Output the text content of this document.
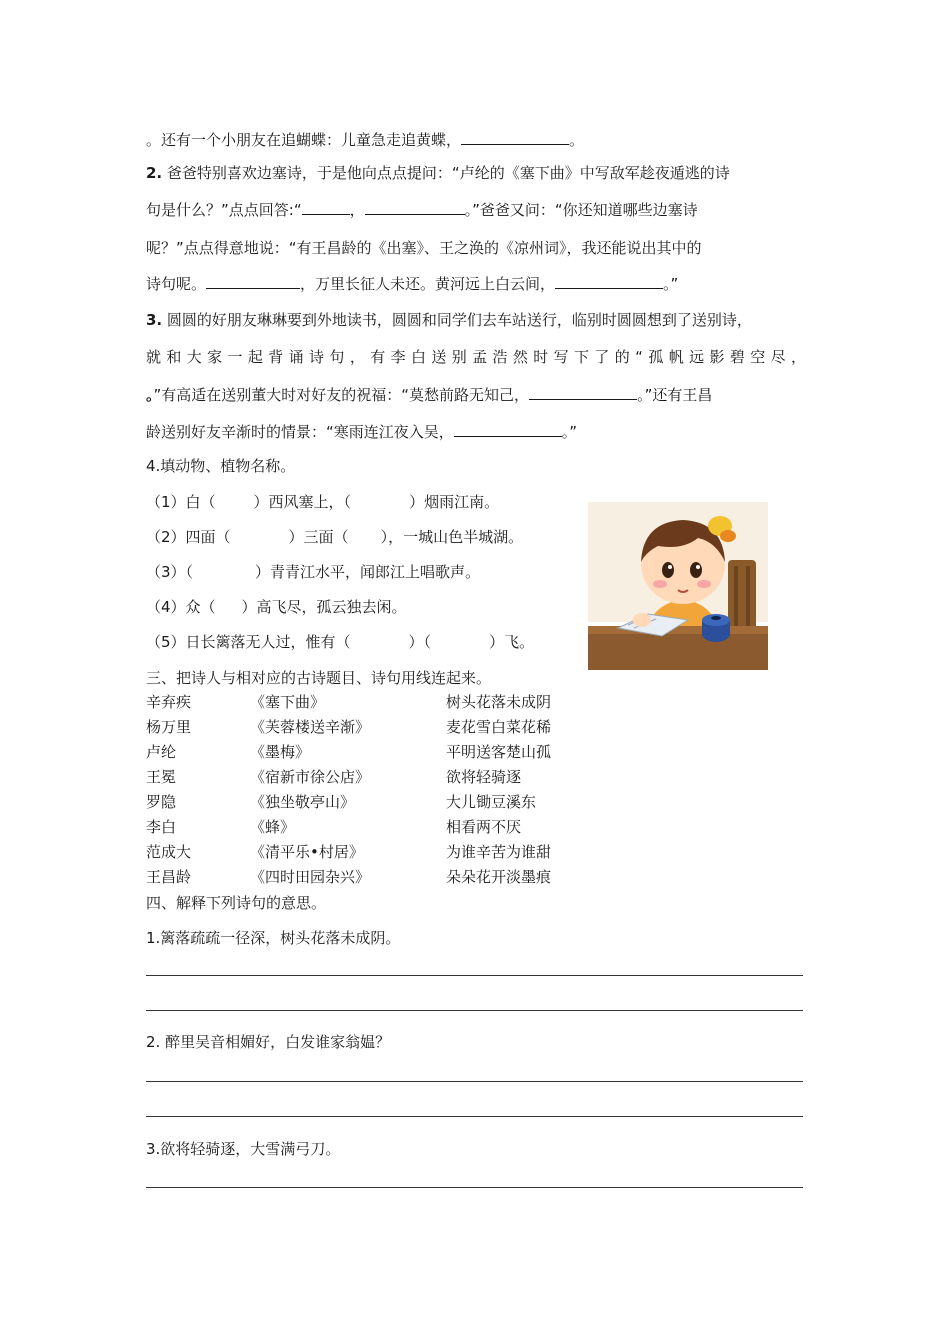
。还有一个小朋友在追蝴蝶：儿童急走追黄蝶，	。
2. 爸爸特别喜欢边塞诗，于是他向点点提问：“卢纶的《塞下曲》中写敌军趁夜遁逃的诗
句是什么？”点点回答:“	，	。”爸爸又问：“你还知道哪些边塞诗
呢？”点点得意地说：“有王昌龄的《出塞》、王之涣的《凉州词》，我还能说出其中的
诗句呢。	，万里长征人未还。黄河远上白云间，	。”
3. 圆圆的好朋友琳琳要到外地读书，圆圆和同学们去车站送行，临别时圆圆想到了送别诗，
就和大家一起背诵诗句，有李白送别孟浩然时写下了的“孤帆远影碧空尽，
。”有高适在送别董大时对好友的祝福：“莫愁前路无知己，	。”还有王昌
龄送别好友辛渐时的情景：“寒雨连江夜入吴，	。”
4.填动物、植物名称。
（1）白（	）西风塞上，（	）烟雨江南。
（2）四面（	）三面（ ），一城山色半城湖。
（3）（	）青青江水平，闻郎江上唱歌声。
（4）众（ ）高飞尽，孤云独去闲。
（5）日长篱落无人过，惟有（	）（	）飞。
三、把诗人与相对应的古诗题目、诗句用线连起来。
辛弃疾	《塞下曲》	树头花落未成阴
杨万里	《芙蓉楼送辛渐》	麦花雪白菜花稀
卢纶	《墨梅》	平明送客楚山孤
王冕	《宿新市徐公店》	欲将轻骑逐
罗隐	《独坐敬亭山》	大儿锄豆溪东
李白	《蜂》	相看两不厌
范成大	《清平乐•村居》	为谁辛苦为谁甜
王昌龄	《四时田园杂兴》	朵朵花开淡墨痕
四、解释下列诗句的意思。
1.篱落疏疏一径深，树头花落未成阴。
2. 醉里吴音相媚好，白发谁家翁媪？
3.欲将轻骑逐，大雪满弓刀。
